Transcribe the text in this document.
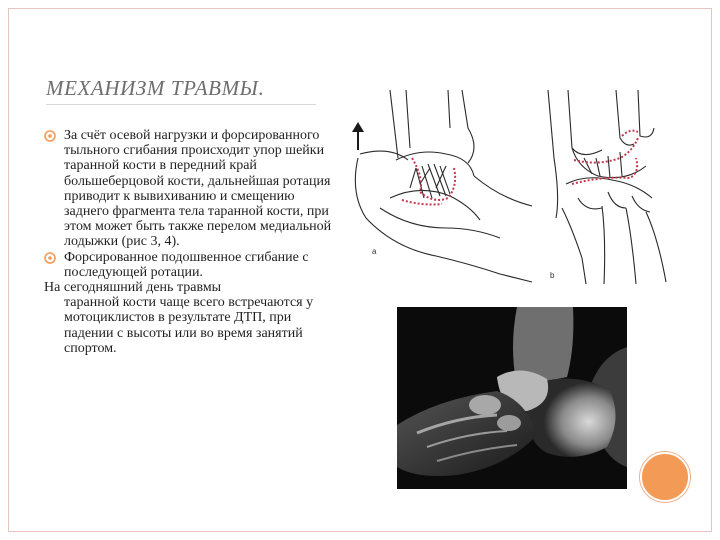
МЕХАНИЗМ ТРАВМЫ.
За счёт осевой нагрузки и форсированного тыльного сгибания происходит упор шейки таранной кости в передний край большеберцовой кости, дальнейшая ротация приводит к вывихиванию и смещению заднего фрагмента тела таранной кости, при этом может быть также перелом медиальной лодыжки (рис 3, 4).
Форсированное подошвенное сгибание с последующей ротации.
На сегодняшний день травмы
таранной кости чаще всего встречаются у мотоциклистов в результате ДТП, при падении с высоты или во время занятий спортом.
a
b
